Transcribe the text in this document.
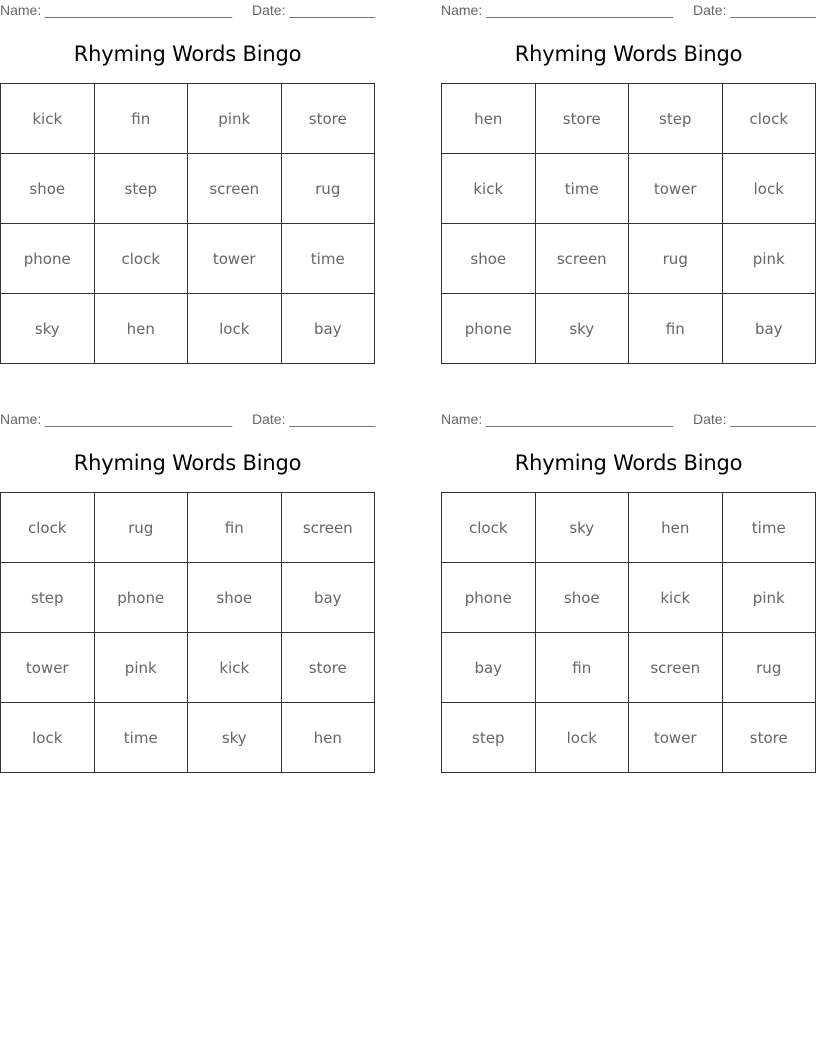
Name: ________________________ Date: ___________
Rhyming Words Bingo
kick	fin	pink	store
shoe	step	screen	rug
phone	clock	tower	time
sky	hen	lock	bay
Name: ________________________ Date: ___________
Rhyming Words Bingo
hen	store	step	clock
kick	time	tower	lock
shoe	screen	rug	pink
phone	sky	fin	bay
Name: ________________________ Date: ___________
Rhyming Words Bingo
clock	rug	fin	screen
step	phone	shoe	bay
tower	pink	kick	store
lock	time	sky	hen
Name: ________________________ Date: ___________
Rhyming Words Bingo
clock	sky	hen	time
phone	shoe	kick	pink
bay	fin	screen	rug
step	lock	tower	store
